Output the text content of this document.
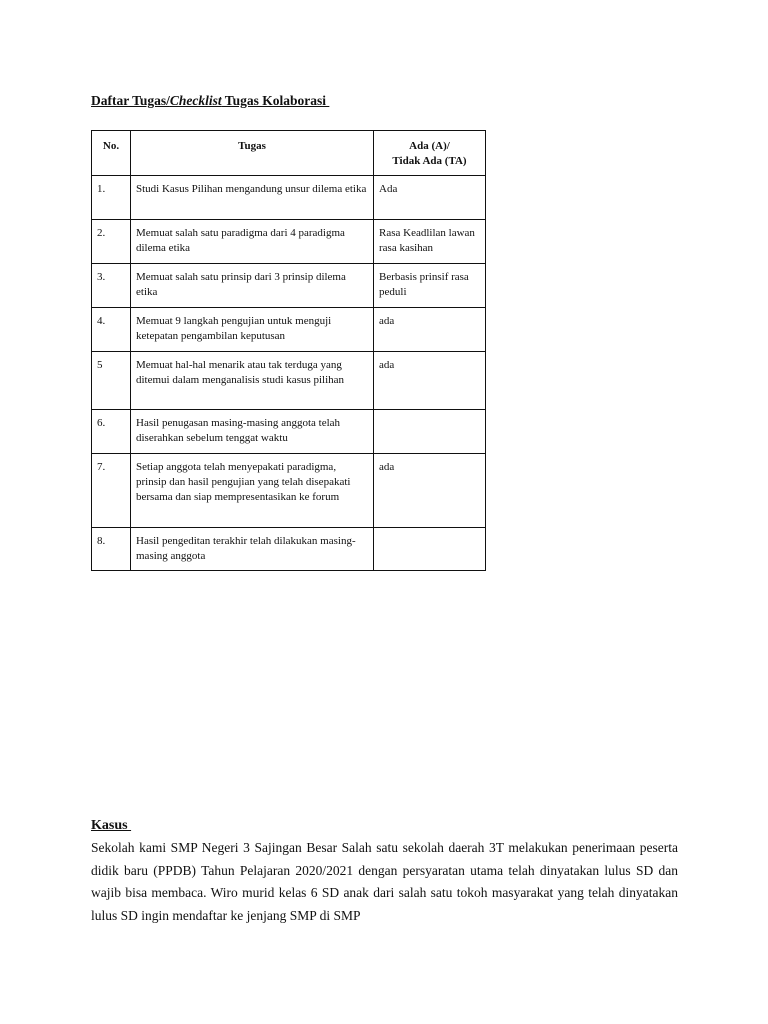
Daftar Tugas/Checklist Tugas Kolaborasi
No.	Tugas	Ada (A)/
Tidak Ada (TA)
1.	Studi Kasus Pilihan mengandung unsur dilema etika	Ada
2.	Memuat salah satu paradigma dari 4 paradigma dilema etika	Rasa Keadlilan lawan rasa kasihan
3.	Memuat salah satu prinsip dari 3 prinsip dilema etika	Berbasis prinsif rasa peduli
4.	Memuat 9 langkah pengujian untuk menguji ketepatan pengambilan keputusan	ada
5	Memuat hal-hal menarik atau tak terduga yang ditemui dalam menganalisis studi kasus pilihan	ada
6.	Hasil penugasan masing-masing anggota telah diserahkan sebelum tenggat waktu	
7.	Setiap anggota telah menyepakati paradigma, prinsip dan hasil pengujian yang telah disepakati bersama dan siap mempresentasikan ke forum	ada
8.	Hasil pengeditan terakhir telah dilakukan masing-masing anggota	
Kasus

Sekolah kami SMP Negeri 3 Sajingan Besar Salah satu sekolah daerah 3T melakukan penerimaan peserta didik baru (PPDB) Tahun Pelajaran 2020/2021 dengan persyaratan utama telah dinyatakan lulus SD dan wajib bisa membaca. Wiro murid kelas 6 SD anak dari salah satu tokoh masyarakat yang telah dinyatakan lulus SD ingin mendaftar ke jenjang SMP di SMP
